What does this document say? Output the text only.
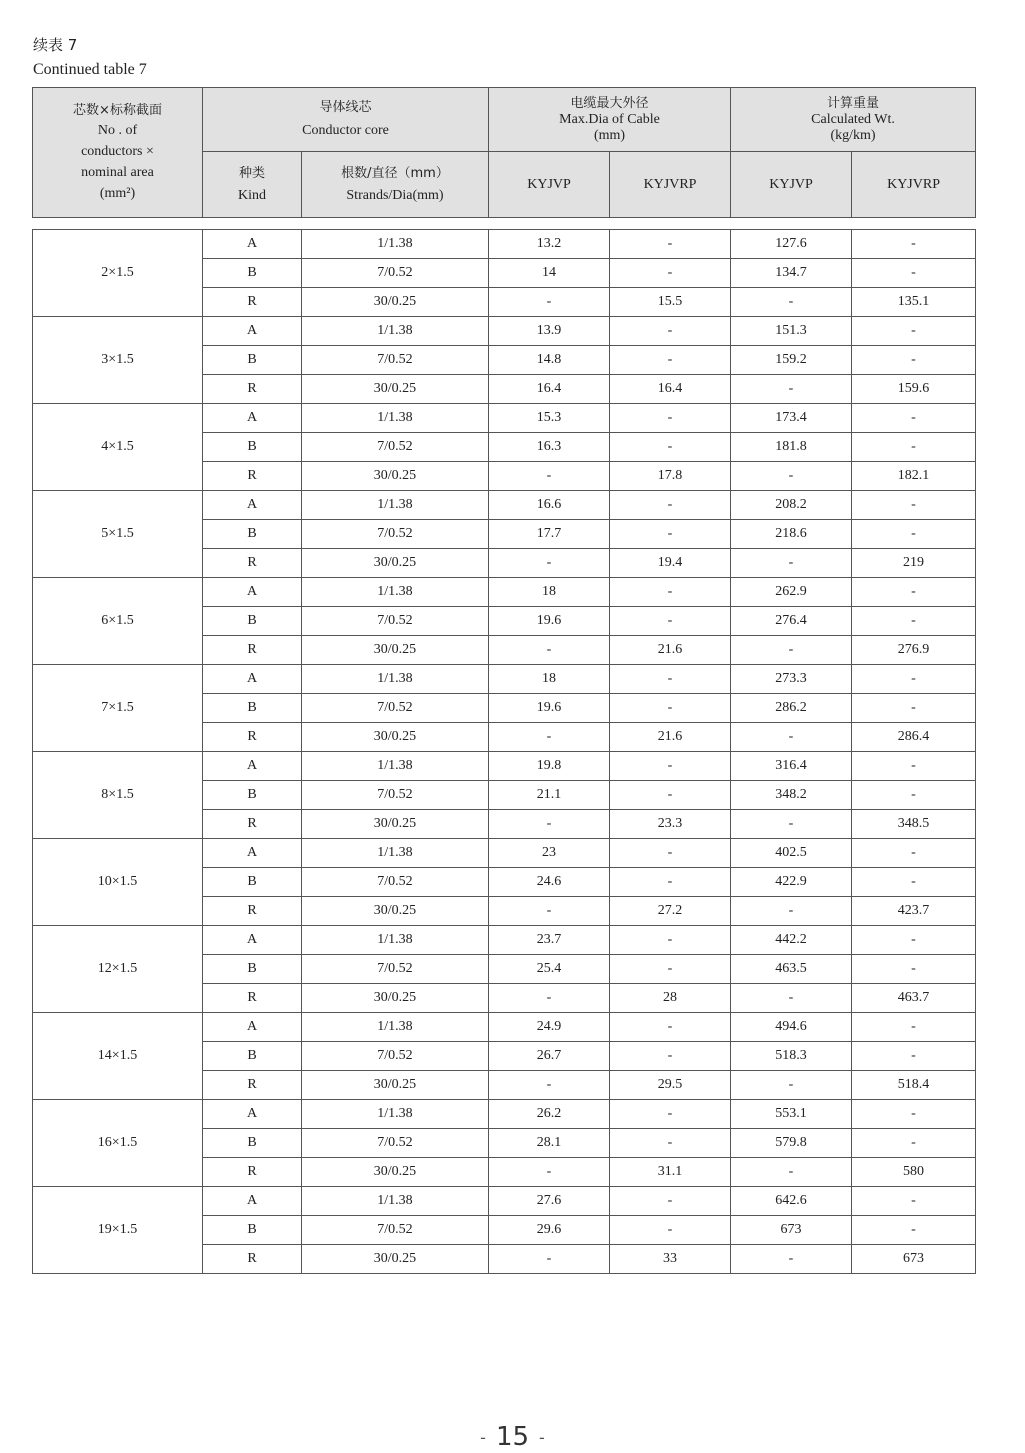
续表 7
Continued table 7
芯数×标称截面
No . of
conductors ×
nominal area
(mm²)	导体线芯
Conductor core		电缆最大外径
Max.Dia of Cable
(mm)		计算重量
Calculated Wt.
(kg/km)	

	种类
Kind	根数/直径（mm）
Strands/Dia(mm)	KYJVP	KYJVRP	KYJVP	KYJVRP
2×1.5	A	1/1.38	13.2	-	127.6	-
	B	7/0.52	14	-	134.7	-
	R	30/0.25	-	15.5	-	135.1
3×1.5	A	1/1.38	13.9	-	151.3	-
	B	7/0.52	14.8	-	159.2	-
	R	30/0.25	16.4	16.4	-	159.6
4×1.5	A	1/1.38	15.3	-	173.4	-
	B	7/0.52	16.3	-	181.8	-
	R	30/0.25	-	17.8	-	182.1
5×1.5	A	1/1.38	16.6	-	208.2	-
	B	7/0.52	17.7	-	218.6	-
	R	30/0.25	-	19.4	-	219
6×1.5	A	1/1.38	18	-	262.9	-
	B	7/0.52	19.6	-	276.4	-
	R	30/0.25	-	21.6	-	276.9
7×1.5	A	1/1.38	18	-	273.3	-
	B	7/0.52	19.6	-	286.2	-
	R	30/0.25	-	21.6	-	286.4
8×1.5	A	1/1.38	19.8	-	316.4	-
	B	7/0.52	21.1	-	348.2	-
	R	30/0.25	-	23.3	-	348.5
10×1.5	A	1/1.38	23	-	402.5	-
	B	7/0.52	24.6	-	422.9	-
	R	30/0.25	-	27.2	-	423.7
12×1.5	A	1/1.38	23.7	-	442.2	-
	B	7/0.52	25.4	-	463.5	-
	R	30/0.25	-	28	-	463.7
14×1.5	A	1/1.38	24.9	-	494.6	-
	B	7/0.52	26.7	-	518.3	-
	R	30/0.25	-	29.5	-	518.4
16×1.5	A	1/1.38	26.2	-	553.1	-
	B	7/0.52	28.1	-	579.8	-
	R	30/0.25	-	31.1	-	580
19×1.5	A	1/1.38	27.6	-	642.6	-
	B	7/0.52	29.6	-	673	-
	R	30/0.25	-	33	-	673
- 15 -
